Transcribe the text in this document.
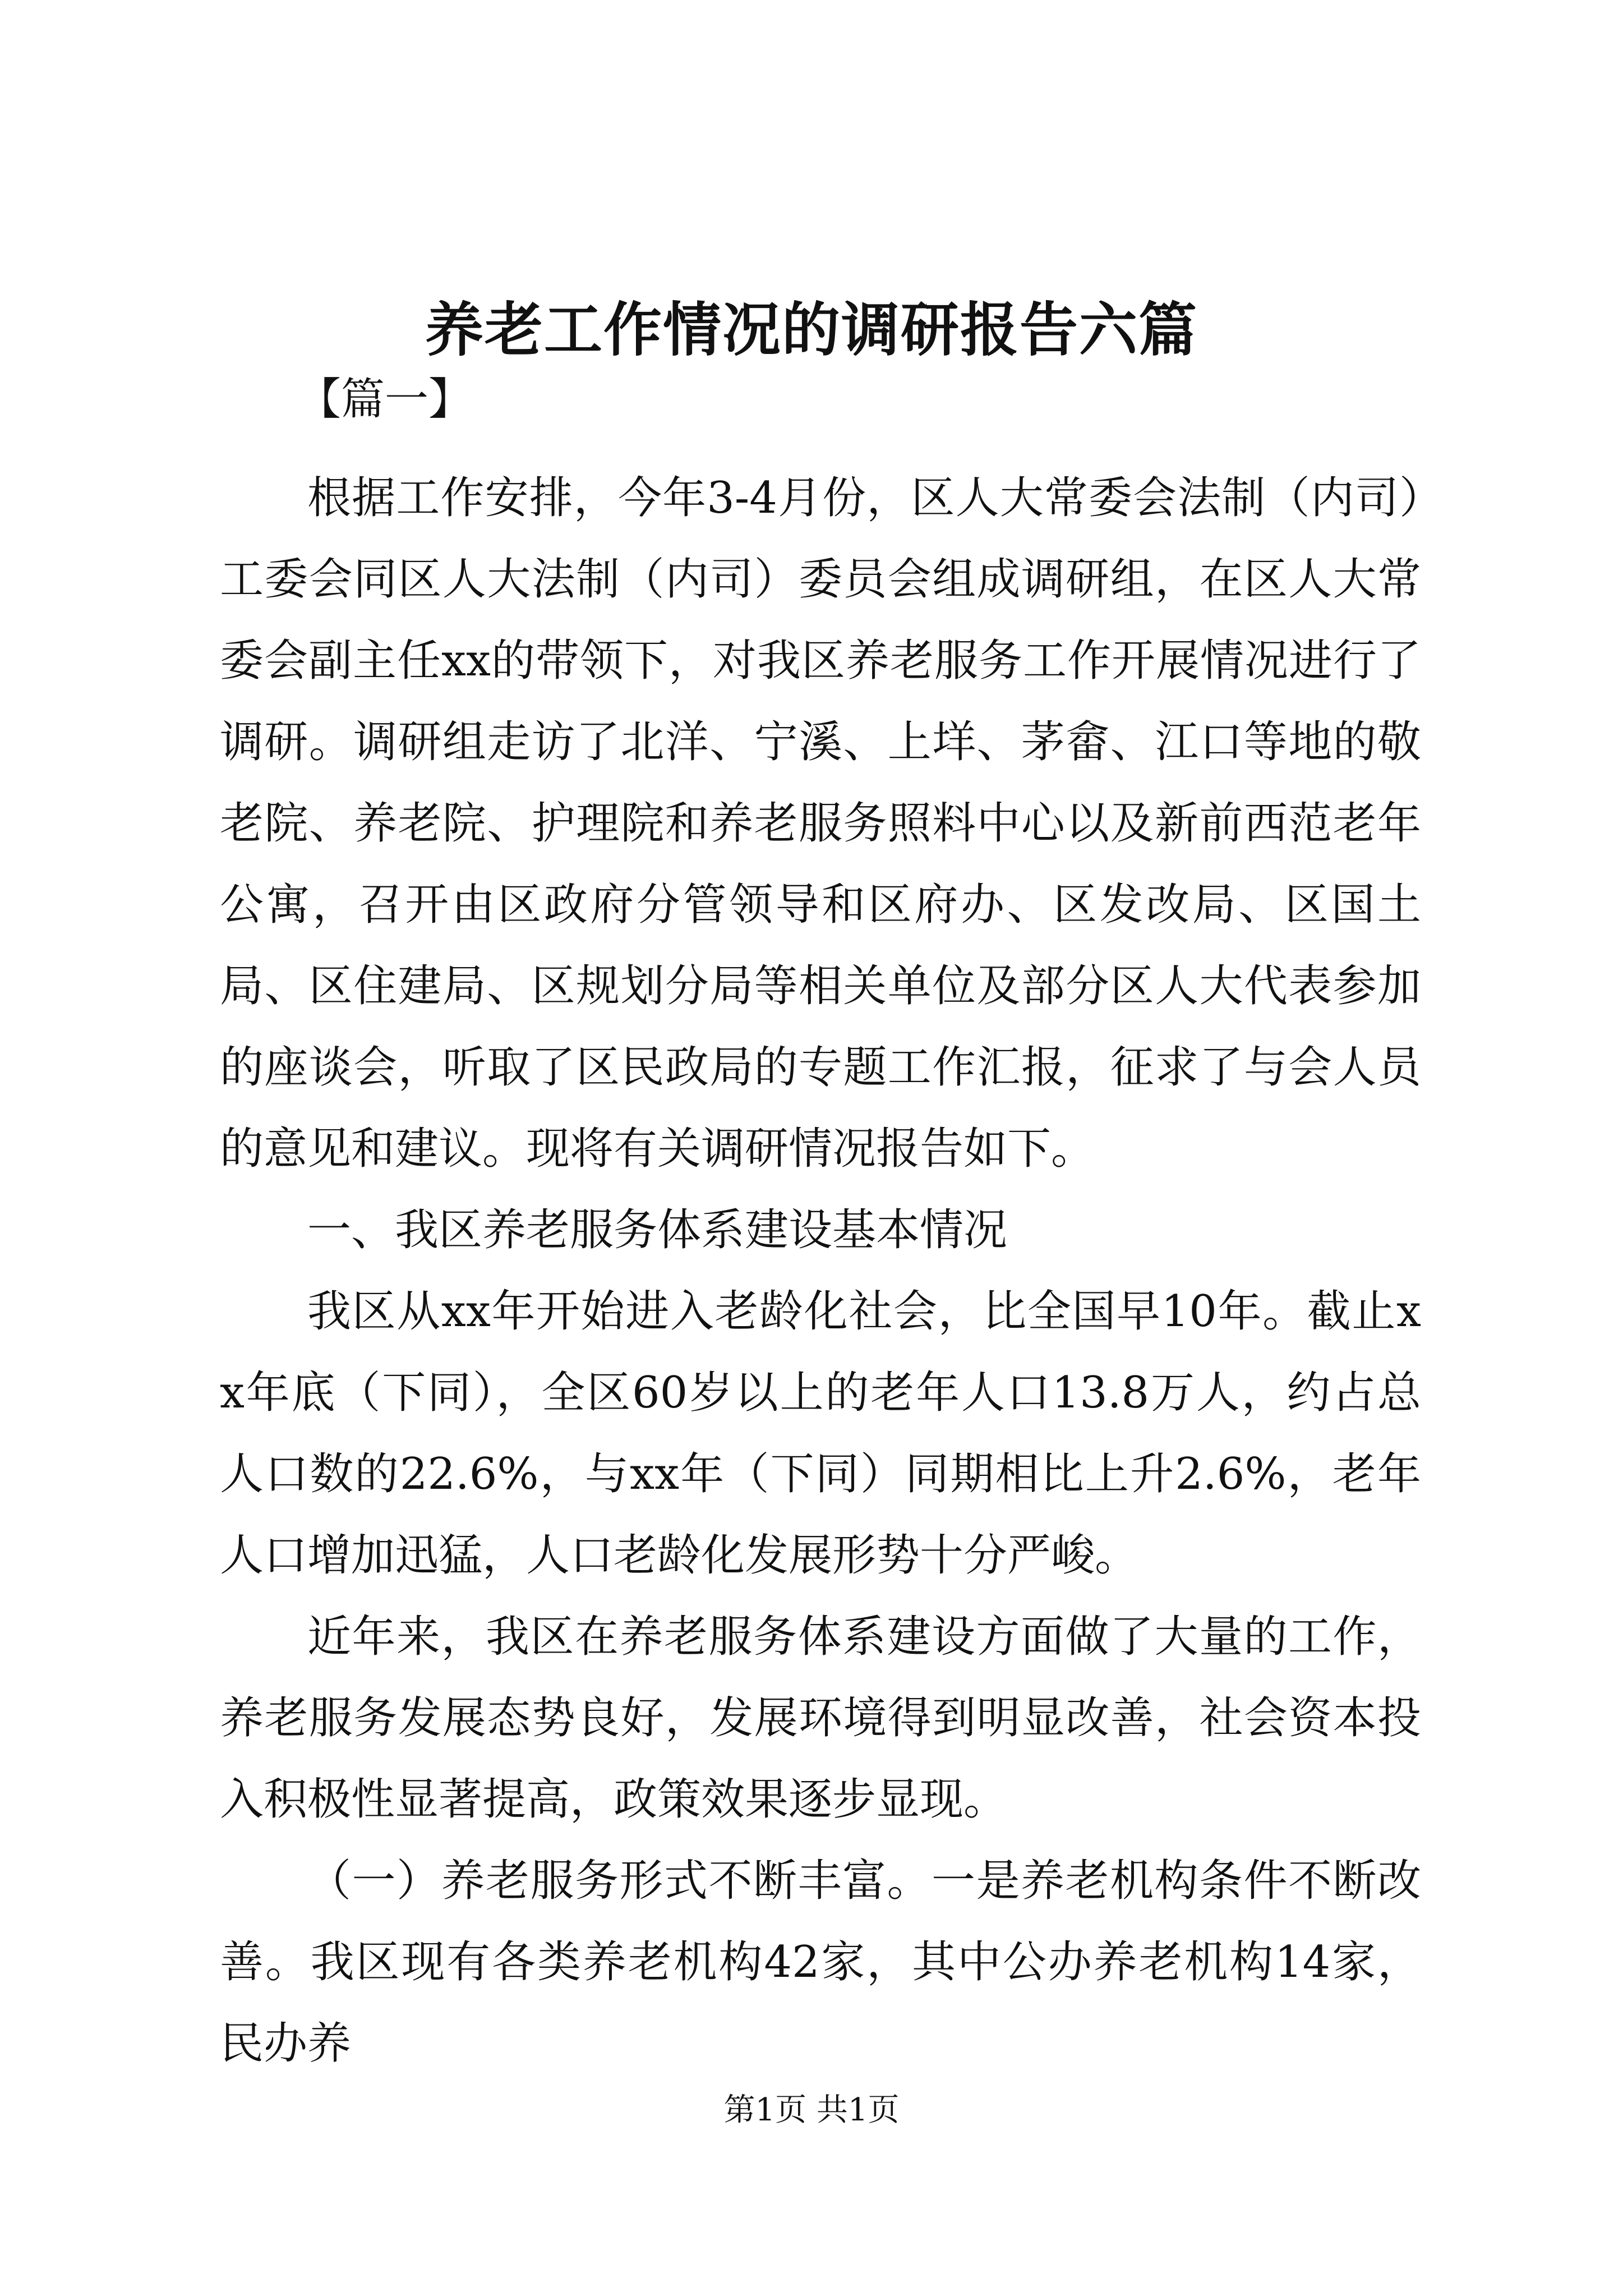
养老工作情况的调研报告六篇

【篇一】

根据工作安排，今年3-4月份，区人大常委会法制（内司）工委会同区人大法制（内司）委员会组成调研组，在区人大常委会副主任xx的带领下，对我区养老服务工作开展情况进行了调研。调研组走访了北洋、宁溪、上垟、茅畲、江口等地的敬老院、养老院、护理院和养老服务照料中心以及新前西范老年公寓，召开由区政府分管领导和区府办、区发改局、区国土局、区住建局、区规划分局等相关单位及部分区人大代表参加的座谈会，听取了区民政局的专题工作汇报，征求了与会人员的意见和建议。现将有关调研情况报告如下。

一、我区养老服务体系建设基本情况

我区从xx年开始进入老龄化社会，比全国早10年。截止xx年底（下同），全区60岁以上的老年人口13.8万人，约占总人口数的22.6%，与xx年（下同）同期相比上升2.6%，老年人口增加迅猛，人口老龄化发展形势十分严峻。

近年来，我区在养老服务体系建设方面做了大量的工作，养老服务发展态势良好，发展环境得到明显改善，社会资本投入积极性显著提高，政策效果逐步显现。

（一）养老服务形式不断丰富。一是养老机构条件不断改善。我区现有各类养老机构42家，其中公办养老机构14家，民办养

第1页 共1页
